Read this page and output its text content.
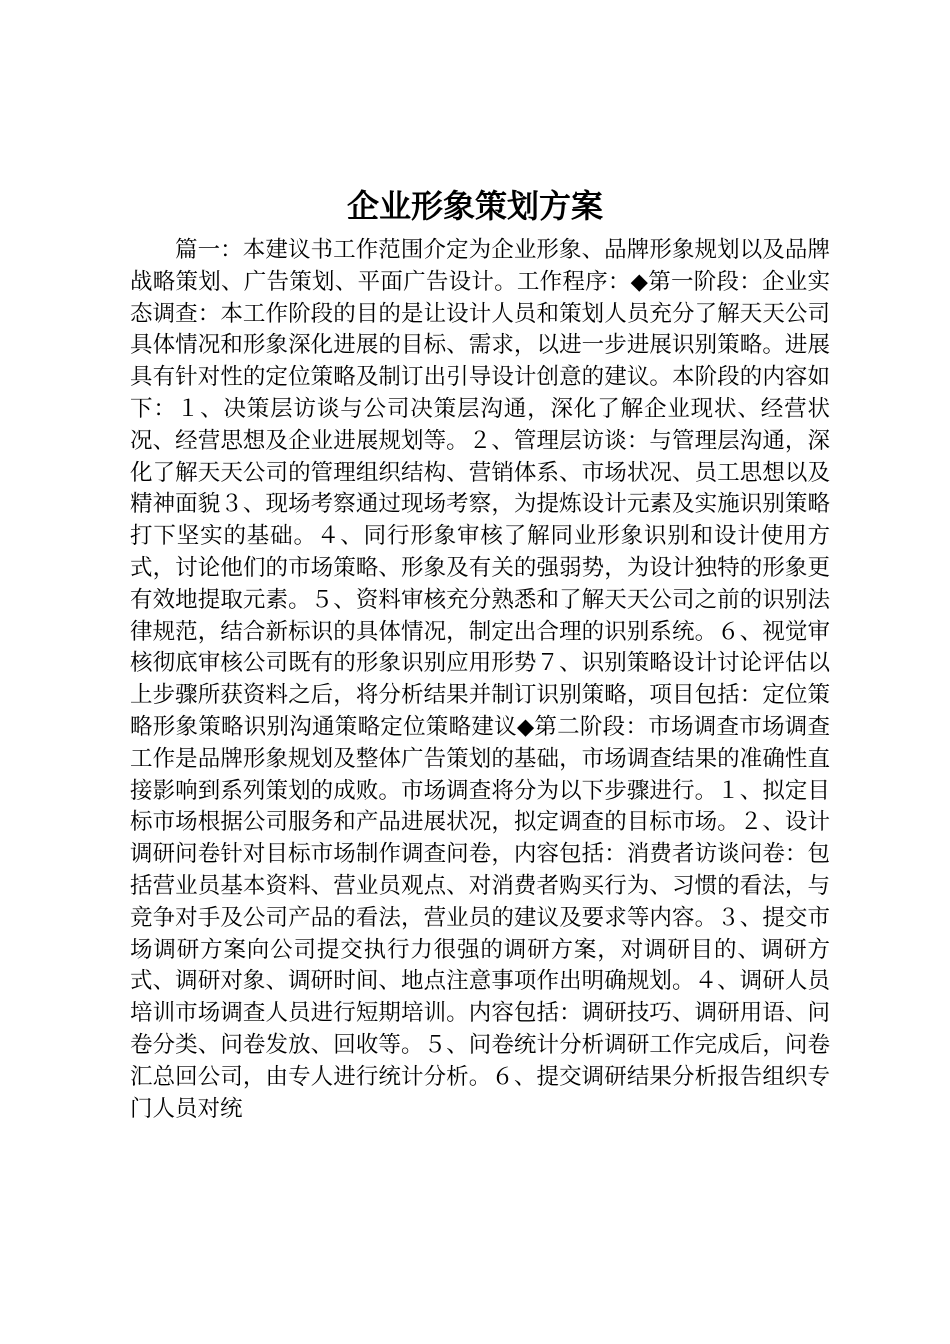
企业形象策划方案

篇一：本建议书工作范围介定为企业形象、品牌形象规划以及品牌战略策划、广告策划、平面广告设计。工作程序：◆第一阶段：企业实态调查：本工作阶段的目的是让设计人员和策划人员充分了解天天公司具体情况和形象深化进展的目标、需求，以进一步进展识别策略。进展具有针对性的定位策略及制订出引导设计创意的建议。本阶段的内容如下：１、决策层访谈与公司决策层沟通，深化了解企业现状、经营状况、经营思想及企业进展规划等。２、管理层访谈：与管理层沟通，深化了解天天公司的管理组织结构、营销体系、市场状况、员工思想以及精神面貌３、现场考察通过现场考察，为提炼设计元素及实施识别策略打下坚实的基础。４、同行形象审核了解同业形象识别和设计使用方式，讨论他们的市场策略、形象及有关的强弱势，为设计独特的形象更有效地提取元素。５、资料审核充分熟悉和了解天天公司之前的识别法律规范，结合新标识的具体情况，制定出合理的识别系统。６、视觉审核彻底审核公司既有的形象识别应用形势７、识别策略设计讨论评估以上步骤所获资料之后，将分析结果并制订识别策略，项目包括：定位策略形象策略识别沟通策略定位策略建议◆第二阶段：市场调查市场调查工作是品牌形象规划及整体广告策划的基础，市场调查结果的准确性直接影响到系列策划的成败。市场调查将分为以下步骤进行。１、拟定目标市场根据公司服务和产品进展状况，拟定调查的目标市场。２、设计调研问卷针对目标市场制作调查问卷，内容包括：消费者访谈问卷：包括营业员基本资料、营业员观点、对消费者购买行为、习惯的看法，与竞争对手及公司产品的看法，营业员的建议及要求等内容。３、提交市场调研方案向公司提交执行力很强的调研方案，对调研目的、调研方式、调研对象、调研时间、地点注意事项作出明确规划。４、调研人员培训市场调查人员进行短期培训。内容包括：调研技巧、调研用语、问卷分类、问卷发放、回收等。５、问卷统计分析调研工作完成后，问卷汇总回公司，由专人进行统计分析。６、提交调研结果分析报告组织专门人员对统
